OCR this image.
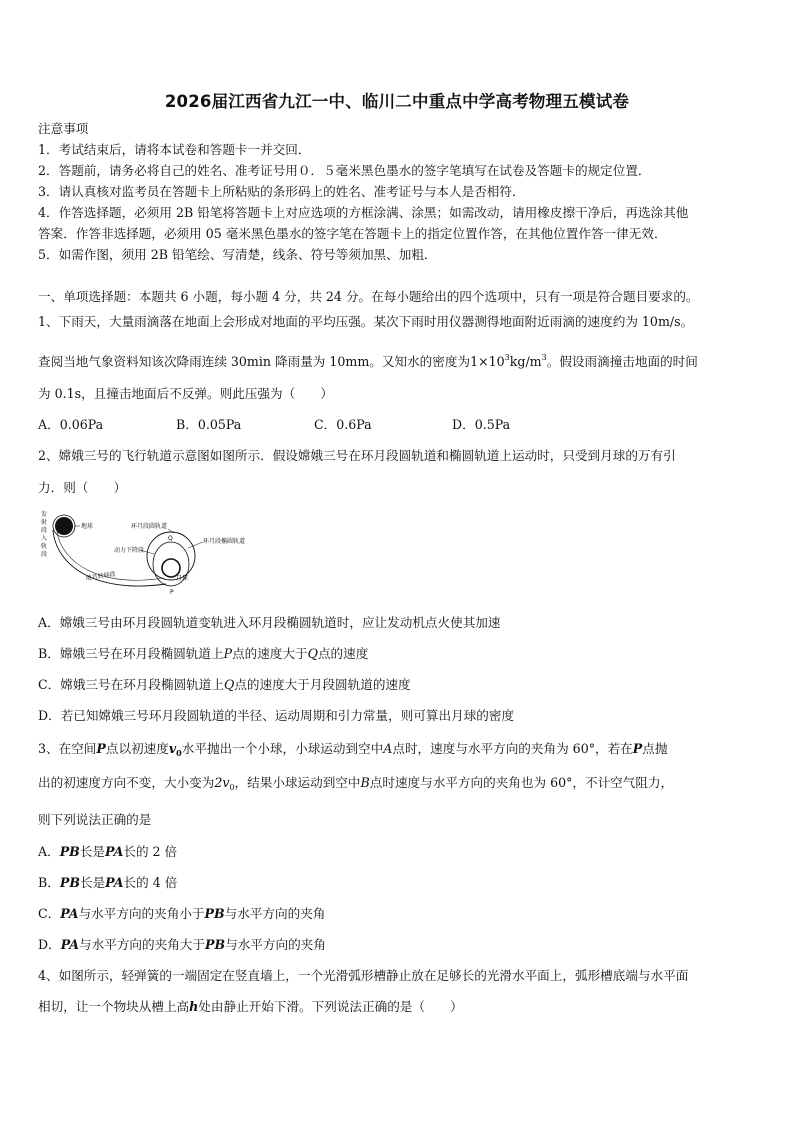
2026届江西省九江一中、临川二中重点中学高考物理五模试卷

注意事项

1．考试结束后，请将本试卷和答题卡一并交回．

2．答题前，请务必将自己的姓名、准考证号用０．５毫米黑色墨水的签字笔填写在试卷及答题卡的规定位置．

3．请认真核对监考员在答题卡上所粘贴的条形码上的姓名、准考证号与本人是否相符．

4．作答选择题，必须用 2B 铅笔将答题卡上对应选项的方框涂满、涂黑；如需改动，请用橡皮擦干净后，再选涂其他

答案．作答非选择题，必须用 05 毫米黑色墨水的签字笔在答题卡上的指定位置作答，在其他位置作答一律无效．

5．如需作图，须用 2B 铅笔绘、写清楚，线条、符号等须加黑、加粗．

一、单项选择题：本题共 6 小题，每小题 4 分，共 24 分。在每小题给出的四个选项中，只有一项是符合题目要求的。

1、下雨天，大量雨滴落在地面上会形成对地面的平均压强。某次下雨时用仪器测得地面附近雨滴的速度约为 10m/s。

查阅当地气象资料知该次降雨连续 30min 降雨量为 10mm。又知水的密度为$1\times 10^3kg/m^3$。假设雨滴撞击地面的时间

为 0.1s，且撞击地面后不反弹。则此压强为（　　）

A．0.06Pa	B．0.05Pa	C．0.6Pa	D．0.5Pa

2、嫦娥三号的飞行轨道示意图如图所示．假设嫦娥三号在环月段圆轨道和椭圆轨道上运动时，只受到月球的万有引

力．则（　　）

发
射
段
入
轨
段
地球
地月转移段
环月段圆轨道
环月段椭圆轨道
Q
动力下降段
月球
P

A．嫦娥三号由环月段圆轨道变轨进入环月段椭圆轨道时，应让发动机点火使其加速

B．嫦娥三号在环月段椭圆轨道上P点的速度大于Q点的速度

C．嫦娥三号在环月段椭圆轨道上Q点的速度大于月段圆轨道的速度

D．若已知嫦娥三号环月段圆轨道的半径、运动周期和引力常量，则可算出月球的密度

3、在空间P点以初速度$v_0$水平抛出一个小球，小球运动到空中A点时，速度与水平方向的夹角为 60°，若在P点抛

出的初速度方向不变，大小变为$2v_0$，结果小球运动到空中B点时速度与水平方向的夹角也为 60°，不计空气阻力，

则下列说法正确的是

A．PB长是PA长的 2 倍

B．PB长是PA长的 4 倍

C．PA与水平方向的夹角小于PB与水平方向的夹角

D．PA与水平方向的夹角大于PB与水平方向的夹角

4、如图所示，轻弹簧的一端固定在竖直墙上，一个光滑弧形槽静止放在足够长的光滑水平面上，弧形槽底端与水平面

相切，让一个物块从槽上高h处由静止开始下滑。下列说法正确的是（　　）
